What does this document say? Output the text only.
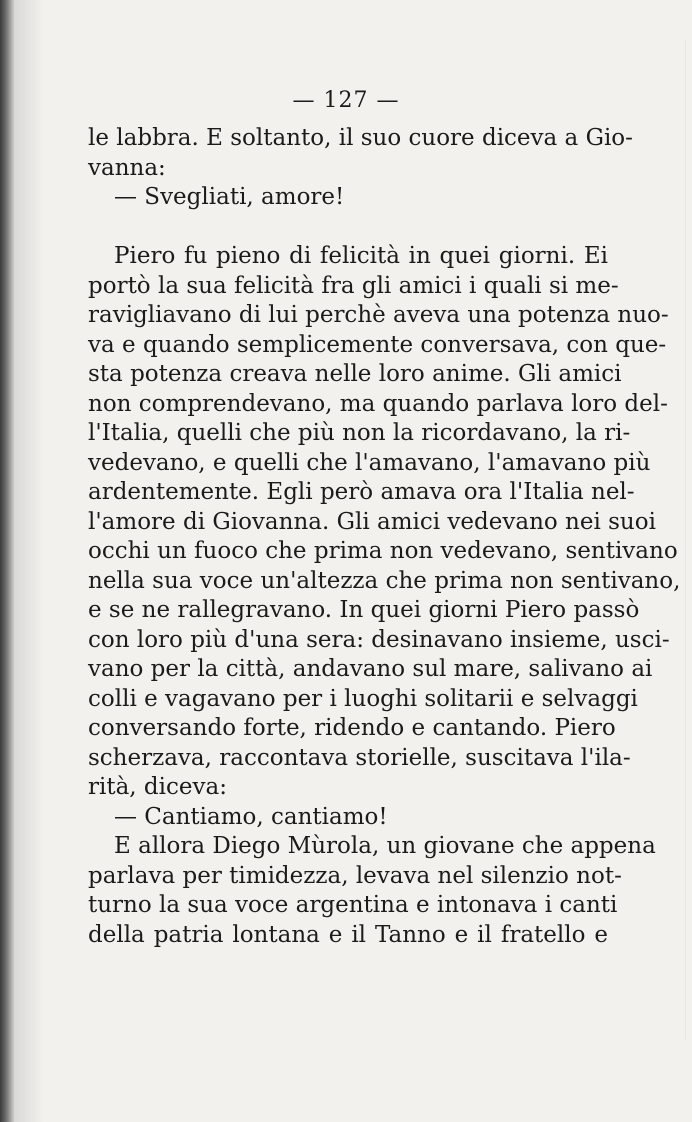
— 127 —
le labbra. E soltanto, il suo cuore diceva a Gio-
vanna:
— Svegliati, amore!
Piero fu pieno di felicità in quei giorni. Ei
portò la sua felicità fra gli amici i quali si me-
ravigliavano di lui perchè aveva una potenza nuo-
va e quando semplicemente conversava, con que-
sta potenza creava nelle loro anime. Gli amici
non comprendevano, ma quando parlava loro del-
l'Italia, quelli che più non la ricordavano, la ri-
vedevano, e quelli che l'amavano, l'amavano più
ardentemente. Egli però amava ora l'Italia nel-
l'amore di Giovanna. Gli amici vedevano nei suoi
occhi un fuoco che prima non vedevano, sentivano
nella sua voce un'altezza che prima non sentivano,
e se ne rallegravano. In quei giorni Piero passò
con loro più d'una sera: desinavano insieme, usci-
vano per la città, andavano sul mare, salivano ai
colli e vagavano per i luoghi solitarii e selvaggi
conversando forte, ridendo e cantando. Piero
scherzava, raccontava storielle, suscitava l'ila-
rità, diceva:
— Cantiamo, cantiamo!
E allora Diego Mùrola, un giovane che appena
parlava per timidezza, levava nel silenzio not-
turno la sua voce argentina e intonava i canti
della patria lontana e il Tanno e il fratello e
